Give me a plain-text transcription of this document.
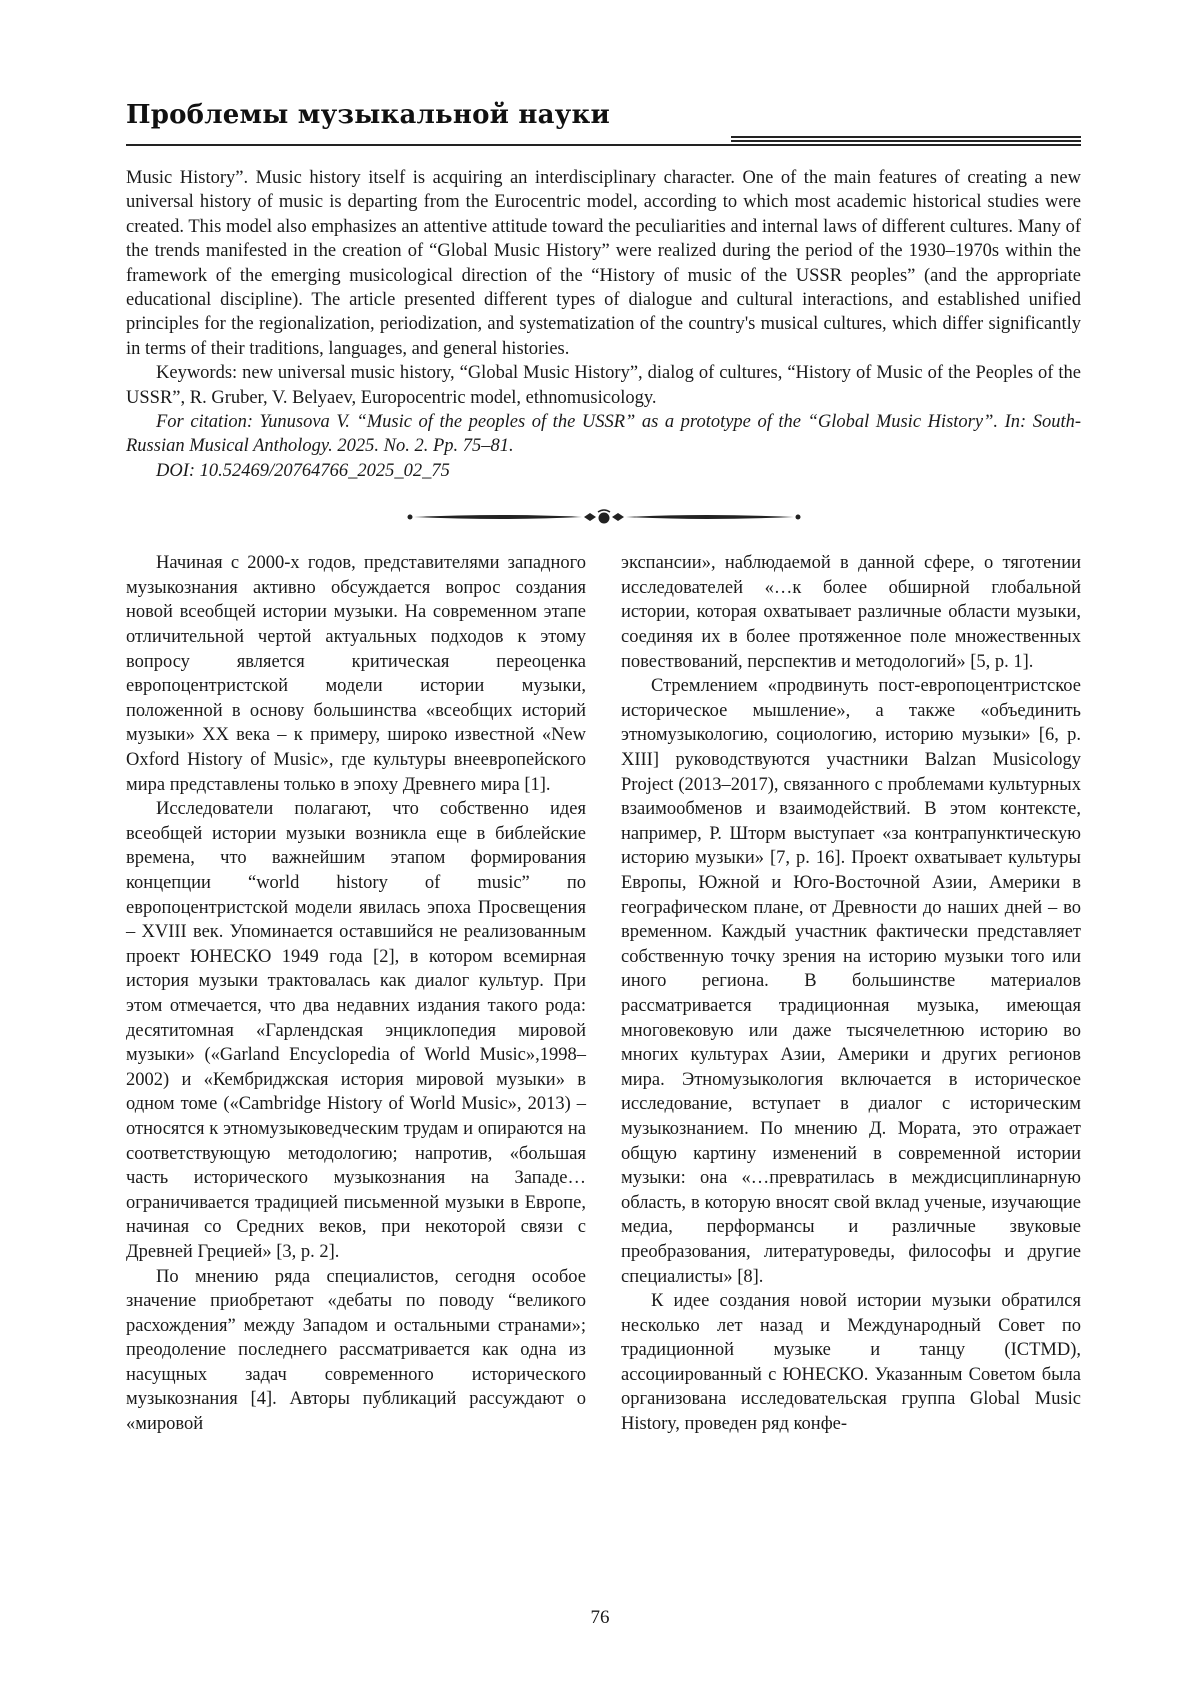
Проблемы музыкальной науки

Music History”. Music history itself is acquiring an interdisciplinary character. One of the main features of creating a new universal history of music is departing from the Eurocentric model, according to which most academic historical studies were created. This model also emphasizes an attentive attitude toward the peculiarities and internal laws of different cultures. Many of the trends manifested in the creation of “Global Music History” were realized during the period of the 1930–1970s within the framework of the emerging musicological direction of the “History of music of the USSR peoples” (and the appropriate educational discipline). The article presented different types of dialogue and cultural interactions, and established unified principles for the regionalization, periodization, and systematization of the country's musical cultures, which differ significantly in terms of their traditions, languages, and general histories.

Keywords: new universal music history, “Global Music History”, dialog of cultures, “History of Music of the Peoples of the USSR”, R. Gruber, V. Belyaev, Europocentric model, ethnomusicology.

For citation: Yunusova V. “Music of the peoples of the USSR” as a prototype of the “Global Music History”. In: South-Russian Musical Anthology. 2025. No. 2. Pp. 75–81.

DOI: 10.52469/20764766_2025_02_75

Начиная с 2000-х годов, представителями западного музыкознания активно обсуждается вопрос создания новой всеобщей истории музыки. На современном этапе отличительной чертой актуальных подходов к этому вопросу является критическая переоценка европоцентристской модели истории музыки, положенной в основу большинства «всеобщих историй музыки» XX века – к примеру, широко известной «New Oxford History of Music», где культуры внеевропейского мира представлены только в эпоху Древнего мира [1].

Исследователи полагают, что собственно идея всеобщей истории музыки возникла еще в библейские времена, что важнейшим этапом формирования концепции “world history of music” по европоцентристской модели явилась эпоха Просвещения – XVIII век. Упоминается оставшийся не реализованным проект ЮНЕСКО 1949 года [2], в котором всемирная история музыки трактовалась как диалог культур. При этом отмечается, что два недавних издания такого рода: десятитомная «Гарлендская энциклопедия мировой музыки» («Garland Encyclopedia of World Music»,1998–2002) и «Кембриджская история мировой музыки» в одном томе («Cambridge History of World Music», 2013) – относятся к этномузыковедческим трудам и опираются на соответствующую методологию; напротив, «большая часть исторического музыкознания на Западе… ограничивается традицией письменной музыки в Европе, начиная со Средних веков, при некоторой связи с Древней Грецией» [3, p. 2].

По мнению ряда специалистов, сегодня особое значение приобретают «дебаты по поводу “великого расхождения” между Западом и остальными странами»; преодоление последнего рассматривается как одна из насущных задач современного исторического музыкознания [4]. Авторы публикаций рассуждают о «мировой

экспансии», наблюдаемой в данной сфере, о тяготении исследователей «…к более обширной глобальной истории, которая охватывает различные области музыки, соединяя их в более протяженное поле множественных повествований, перспектив и методологий» [5, p. 1].

Стремлением «продвинуть пост-европоцентристское историческое мышление», а также «объединить этномузыкологию, социологию, историю музыки» [6, p. XIII] руководствуются участники Balzan Musicology Project (2013–2017), связанного с проблемами культурных взаимообменов и взаимодействий. В этом контексте, например, Р. Шторм выступает «за контрапунктическую историю музыки» [7, p. 16]. Проект охватывает культуры Европы, Южной и Юго-Восточной Азии, Америки в географическом плане, от Древности до наших дней – во временном. Каждый участник фактически представляет собственную точку зрения на историю музыки того или иного региона. В большинстве материалов рассматривается традиционная музыка, имеющая многовековую или даже тысячелетнюю историю во многих культурах Азии, Америки и других регионов мира. Этномузыкология включается в историческое исследование, вступает в диалог с историческим музыкознанием. По мнению Д. Мората, это отражает общую картину изменений в современной истории музыки: она «…превратилась в междисциплинарную область, в которую вносят свой вклад ученые, изучающие медиа, перформансы и различные звуковые преобразования, литературоведы, философы и другие специалисты» [8].

К идее создания новой истории музыки обратился несколько лет назад и Международный Совет по традиционной музыке и танцу (ICTMD), ассоциированный с ЮНЕСКО. Указанным Советом была организована исследовательская группа Global Music History, проведен ряд конфе-

76
